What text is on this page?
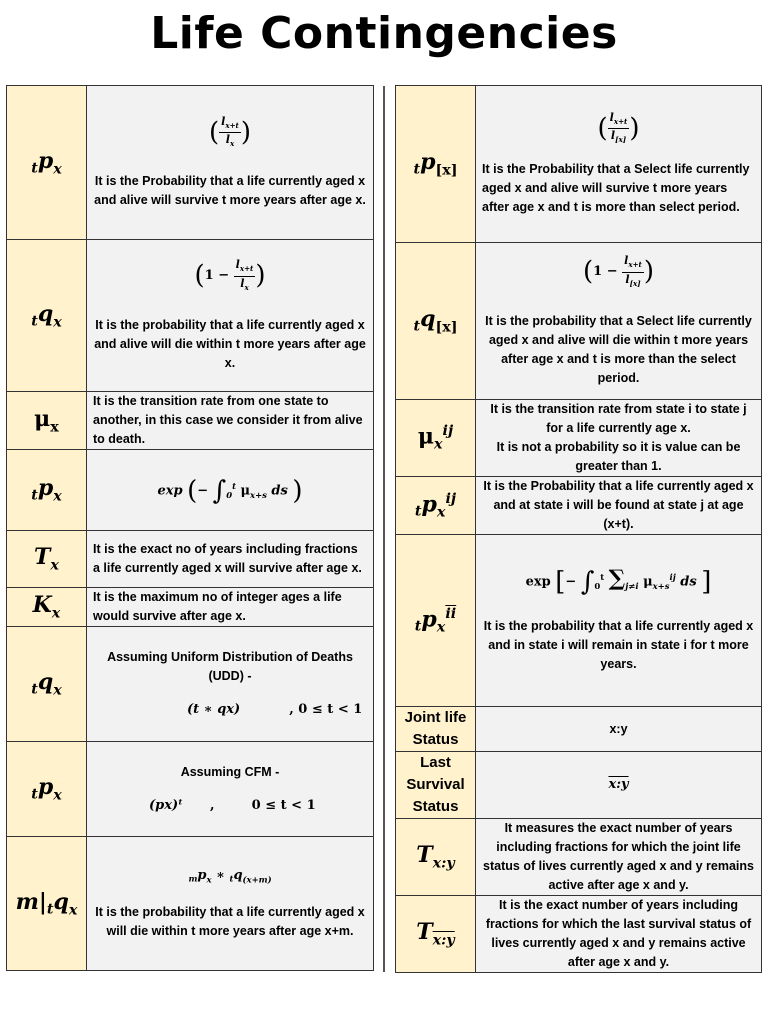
Life Contingencies
$tp_x$	( $\frac{l_{x+t}}{l_x}$ )
It is the Probability that a life currently aged x and alive will survive t more years after age x.

$tq_x$	($1 - \frac{l_{x+t}}{l_x}$ )
It is the probability that a life currently aged x and alive will die within t more years after age x.

$\mu_x$	It is the transition rate from one state to another, in this case we consider it from alive to death.

$tp_x$	exp (− $\int_0^t$ $\mu_{x+s}$ ds )

$T_x$	It is the exact no of years including fractions a life currently aged x will survive after age x.

$K_x$	It is the maximum no of integer ages a life would survive after age x.

$tq_x$	Assuming Uniform Distribution of Deaths (UDD) -
(t ∗ qx) , 0 ≤ t < 1

$tp_x$	Assuming CFM -
(px)ᵗ , 0 ≤ t < 1

$m|tq_x$	$mp_x$ ∗ $tq_{(x+m)}$
It is the probability that a life currently aged x will die within t more years after age x+m.
$tp_{[x]}$	( $\frac{l_{x+t}}{l_{[x]}}$ )
It is the Probability that a Select life currently aged x and alive will survive t more years after age x and t is more than select period.

$tq_{[x]}$	($1 - \frac{l_{x+t}}{l_{[x]}}$ )
It is the probability that a Select life currently aged x and alive will die within t more years after age x and t is more than the select period.

$\mu_x^{ij}$	It is the transition rate from state i to state j for a life currently age x.
It is not a probability so it is value can be greater than 1.

$tp_x^{ij}$	It is the Probability that a life currently aged x and at state i will be found at state j at age (x+t).

$tp_x^{\overline{ii}}$	exp [− $\int_0^t$ $\sum_{j\ne i}$ $\mu_{x+s}^{ij}$ ds ]
It is the probability that a life currently aged x and in state i will remain in state i for t more years.

Joint life Status	x:y

Last Survival Status	x:y

$T_{x:y}$	It measures the exact number of years including fractions for which the joint life status of lives currently aged x and y remains active after age x and y.

$T_{x:y}$	It is the exact number of years including fractions for which the last survival status of lives currently aged x and y remains active after age x and y.
